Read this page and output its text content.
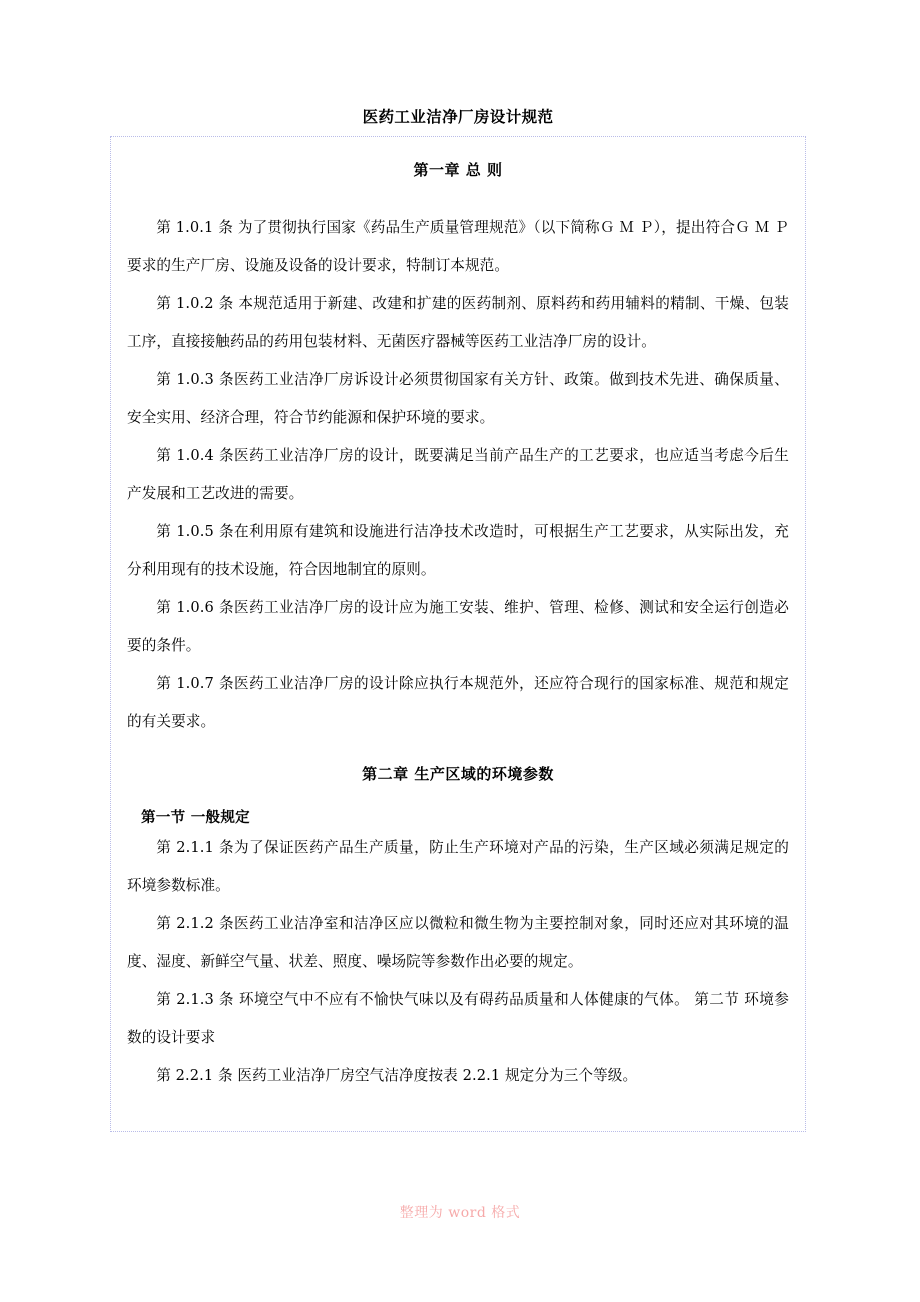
医药工业洁净厂房设计规范
第一章 总 则

第 1.0.1 条 为了贯彻执行国家《药品生产质量管理规范》（以下简称Ｇ Ｍ Ｐ），提出符合Ｇ Ｍ Ｐ要求的生产厂房、设施及设备的设计要求，特制订本规范。

第 1.0.2 条 本规范适用于新建、改建和扩建的医药制剂、原料药和药用辅料的精制、干燥、包装工序，直接接触药品的药用包装材料、无菌医疗器械等医药工业洁净厂房的设计。

第 1.0.3 条医药工业洁净厂房诉设计必须贯彻国家有关方针、政策。做到技术先进、确保质量、安全实用、经济合理，符合节约能源和保护环境的要求。

第 1.0.4 条医药工业洁净厂房的设计，既要满足当前产品生产的工艺要求，也应适当考虑今后生产发展和工艺改进的需要。

第 1.0.5 条在利用原有建筑和设施进行洁净技术改造时，可根据生产工艺要求，从实际出发，充分利用现有的技术设施，符合因地制宜的原则。

第 1.0.6 条医药工业洁净厂房的设计应为施工安装、维护、管理、检修、测试和安全运行创造必要的条件。

第 1.0.7 条医药工业洁净厂房的设计除应执行本规范外，还应符合现行的国家标准、规范和规定的有关要求。

第二章 生产区域的环境参数
第一节 一般规定

第 2.1.1 条为了保证医药产品生产质量，防止生产环境对产品的污染，生产区域必须满足规定的环境参数标准。

第 2.1.2 条医药工业洁净室和洁净区应以微粒和微生物为主要控制对象，同时还应对其环境的温度、湿度、新鲜空气量、状差、照度、噪场院等参数作出必要的规定。

第 2.1.3 条 环境空气中不应有不愉快气味以及有碍药品质量和人体健康的气体。 第二节 环境参数的设计要求

第 2.2.1 条 医药工业洁净厂房空气洁净度按表 2.2.1 规定分为三个等级。

整理为 word 格式
